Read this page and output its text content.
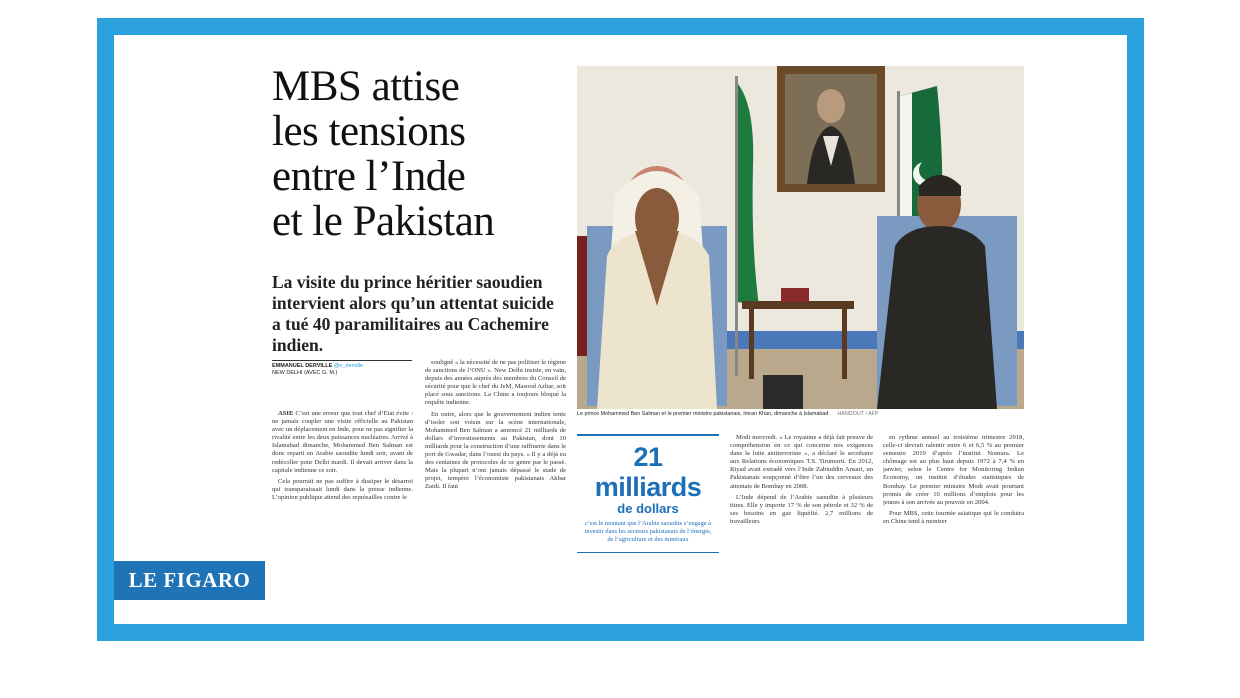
MBS attise
les tensions
entre l’Inde
et le Pakistan

La visite du prince héritier saoudien intervient alors qu’un attentat suicide a tué 40 paramilitaires au Cachemire indien.

EMMANUEL DERVILLE @e_derville
NEW DELHI (AVEC G. M.)

ASIE C’est une erreur que tout chef d’État évite : ne jamais coupler une visite officielle au Pakistan avec un déplacement en Inde, pour ne pas signifier la rivalité entre les deux puissances nucléaires. Arrivé à Islamabad dimanche, Mohammed Ben Salman est donc reparti en Arabie saoudite lundi soir, avant de redécoller pour Delhi mardi. Il devait arriver dans la capitale indienne ce soir.

Cela pourrait ne pas suffire à dissiper le désarroi qui transparaissait lundi dans la presse indienne. L’opinion publique attend des représailles contre le

souligné « la nécessité de ne pas politiser le régime de sanctions de l’ONU ». New Delhi insiste, en vain, depuis des années auprès des membres du Conseil de sécurité pour que le chef du JeM, Masood Azhar, soit placé sous sanctions. La Chine a toujours bloqué la requête indienne.

En outre, alors que le gouvernement indien tente d’isoler son voisin sur la scène internationale, Mohammed Ben Salman a annoncé 21 milliards de dollars d’investissements au Pakistan, dont 10 milliards pour la construction d’une raffinerie dans le port de Gwadar, dans l’ouest du pays. « Il y a déjà eu des centaines de protocoles de ce genre par le passé. Mais la plupart n’ont jamais dépassé le stade de projet, tempère l’économiste pakistanais Akbar Zaidi. Il faut

Modi mercredi. « Le royaume a déjà fait preuve de compréhension en ce qui concerne nos exigences dans la lutte antiterroriste », a déclaré le secrétaire aux Relations économiques T.S. Tirumurti. En 2012, Riyad avait extradé vers l’Inde Zabiuddin Ansari, un Pakistanais soupçonné d’être l’un des cerveaux des attentats de Bombay en 2008.

L’Inde dépend de l’Arabie saoudite à plusieurs titres. Elle y importe 17 % de son pétrole et 32 % de ses besoins en gaz liquéfié. 2,7 millions de travailleurs

en rythme annuel au troisième trimestre 2018, celle-ci devrait ralentir entre 6 et 6,5 % au premier semestre 2019 d’après l’institut Nomura. Le chômage est au plus haut depuis 1972 à 7,4 % en janvier, selon le Centre for Monitoring Indian Economy, un institut d’études statistiques de Bombay. Le premier ministre Modi avait pourtant promis de créer 10 millions d’emplois pour les jeunes à son arrivée au pouvoir en 2004.

Pour MBS, cette tournée asiatique qui le conduira en Chine tend à montrer

Le prince Mohammed Ben Salman et le premier ministre pakistanais, Imran Khan, dimanche à Islamabad. HANDOUT / AFP
21 milliards
de dollars
c’est le montant que l’Arabie saoudite s’engage à investir dans les secteurs pakistanais de l’énergie, de l’agriculture et des minéraux
LE FIGARO
